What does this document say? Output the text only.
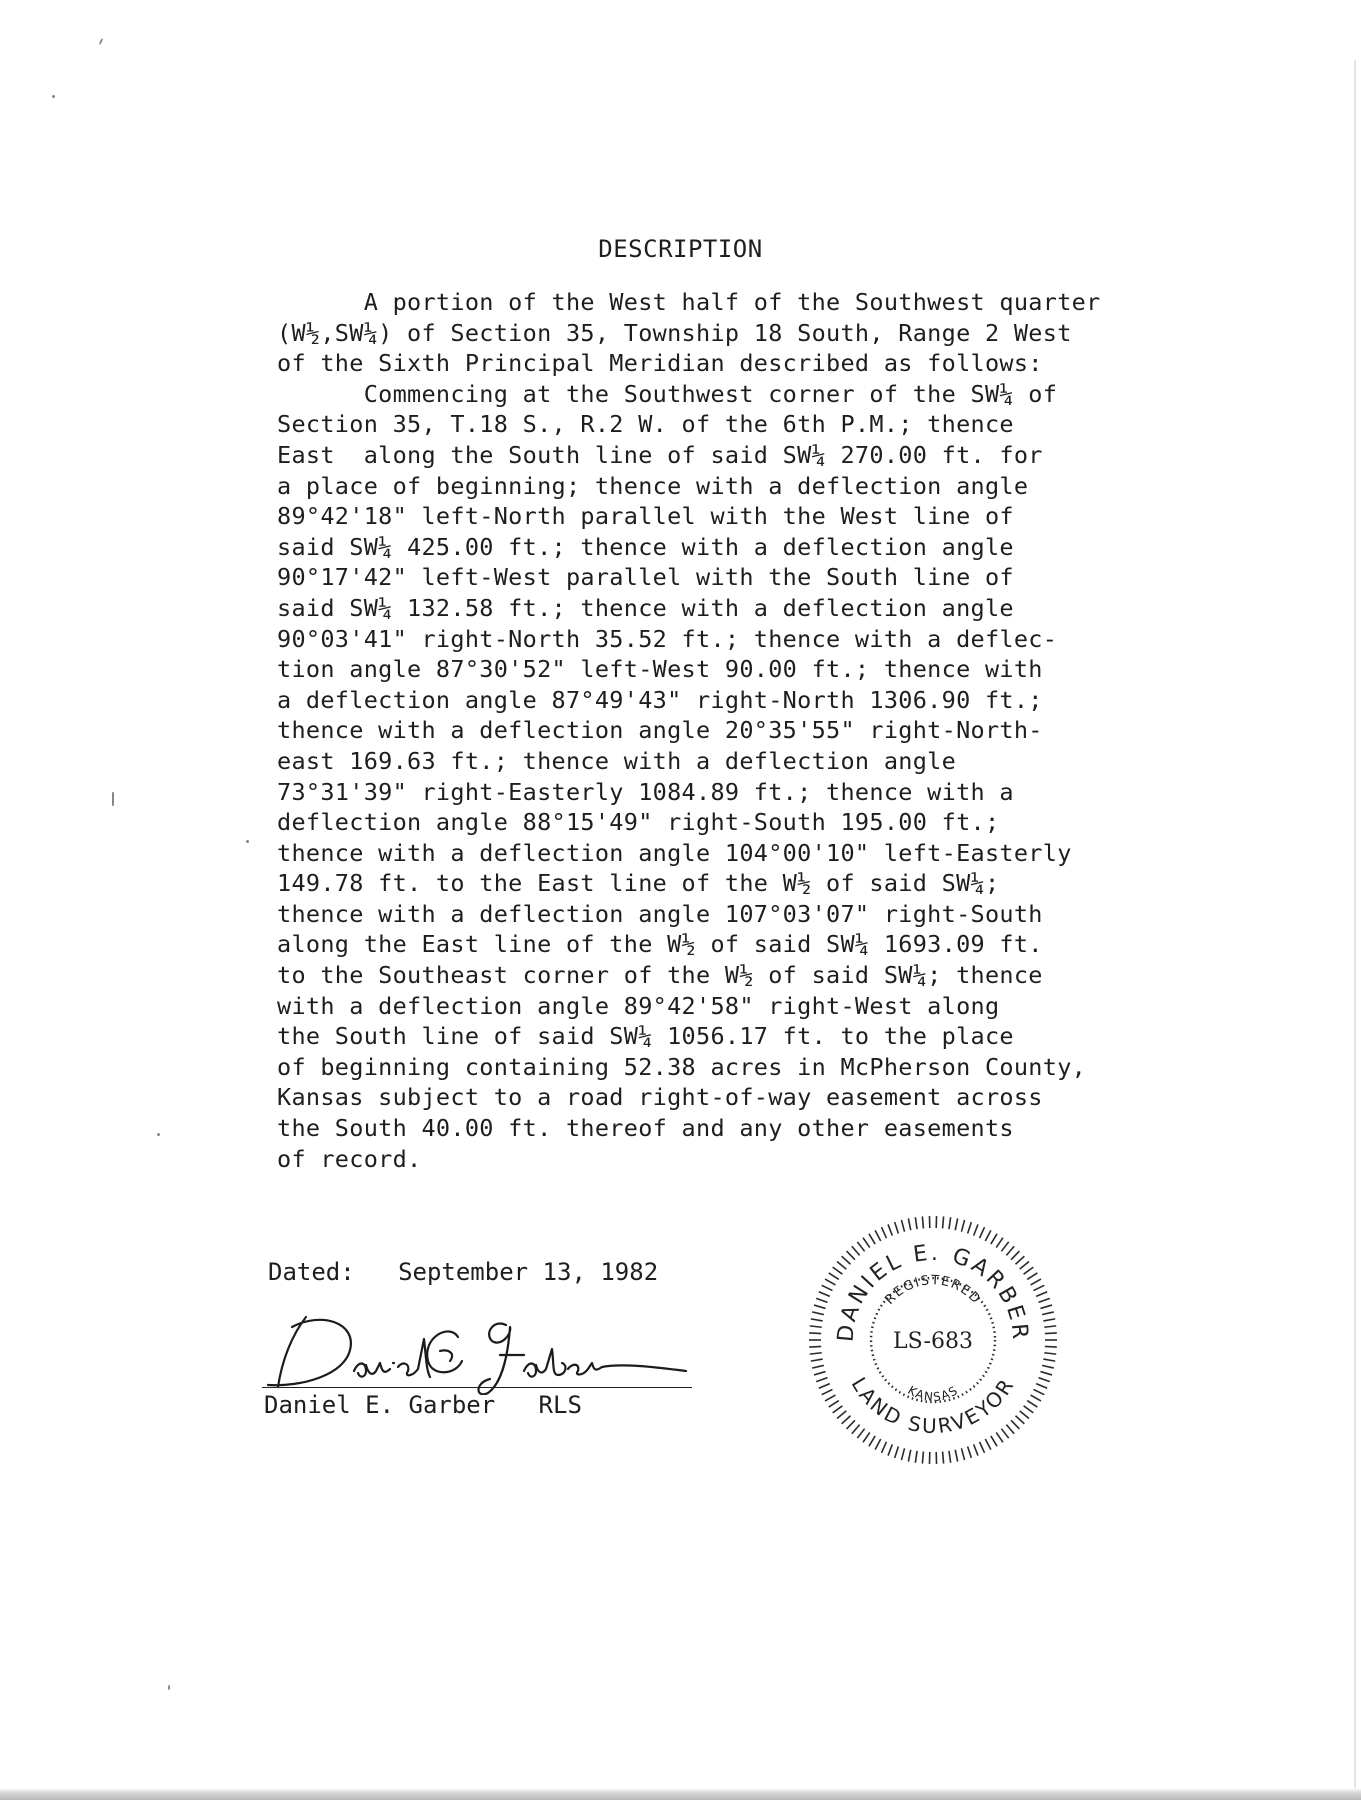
DESCRIPTION
A portion of the West half of the Southwest quarter
(W½,SW¼) of Section 35, Township 18 South, Range 2 West
of the Sixth Principal Meridian described as follows:
Commencing at the Southwest corner of the SW¼ of
Section 35, T.18 S., R.2 W. of the 6th P.M.; thence
East  along the South line of said SW¼ 270.00 ft. for
a place of beginning; thence with a deflection angle
89°42'18" left-North parallel with the West line of
said SW¼ 425.00 ft.; thence with a deflection angle
90°17'42" left-West parallel with the South line of
said SW¼ 132.58 ft.; thence with a deflection angle
90°03'41" right-North 35.52 ft.; thence with a deflec-
tion angle 87°30'52" left-West 90.00 ft.; thence with
a deflection angle 87°49'43" right-North 1306.90 ft.;
thence with a deflection angle 20°35'55" right-North-
east 169.63 ft.; thence with a deflection angle
73°31'39" right-Easterly 1084.89 ft.; thence with a
deflection angle 88°15'49" right-South 195.00 ft.;
thence with a deflection angle 104°00'10" left-Easterly
149.78 ft. to the East line of the W½ of said SW¼;
thence with a deflection angle 107°03'07" right-South
along the East line of the W½ of said SW¼ 1693.09 ft.
to the Southeast corner of the W½ of said SW¼; thence
with a deflection angle 89°42'58" right-West along
the South line of said SW¼ 1056.17 ft. to the place
of beginning containing 52.38 acres in McPherson County,
Kansas subject to a road right-of-way easement across
the South 40.00 ft. thereof and any other easements
of record.
Dated: September 13, 1982
Daniel E. Garber RLS
DANIEL E. GARBER
REGISTERED
LS-683
KANSAS
LAND SURVEYOR
